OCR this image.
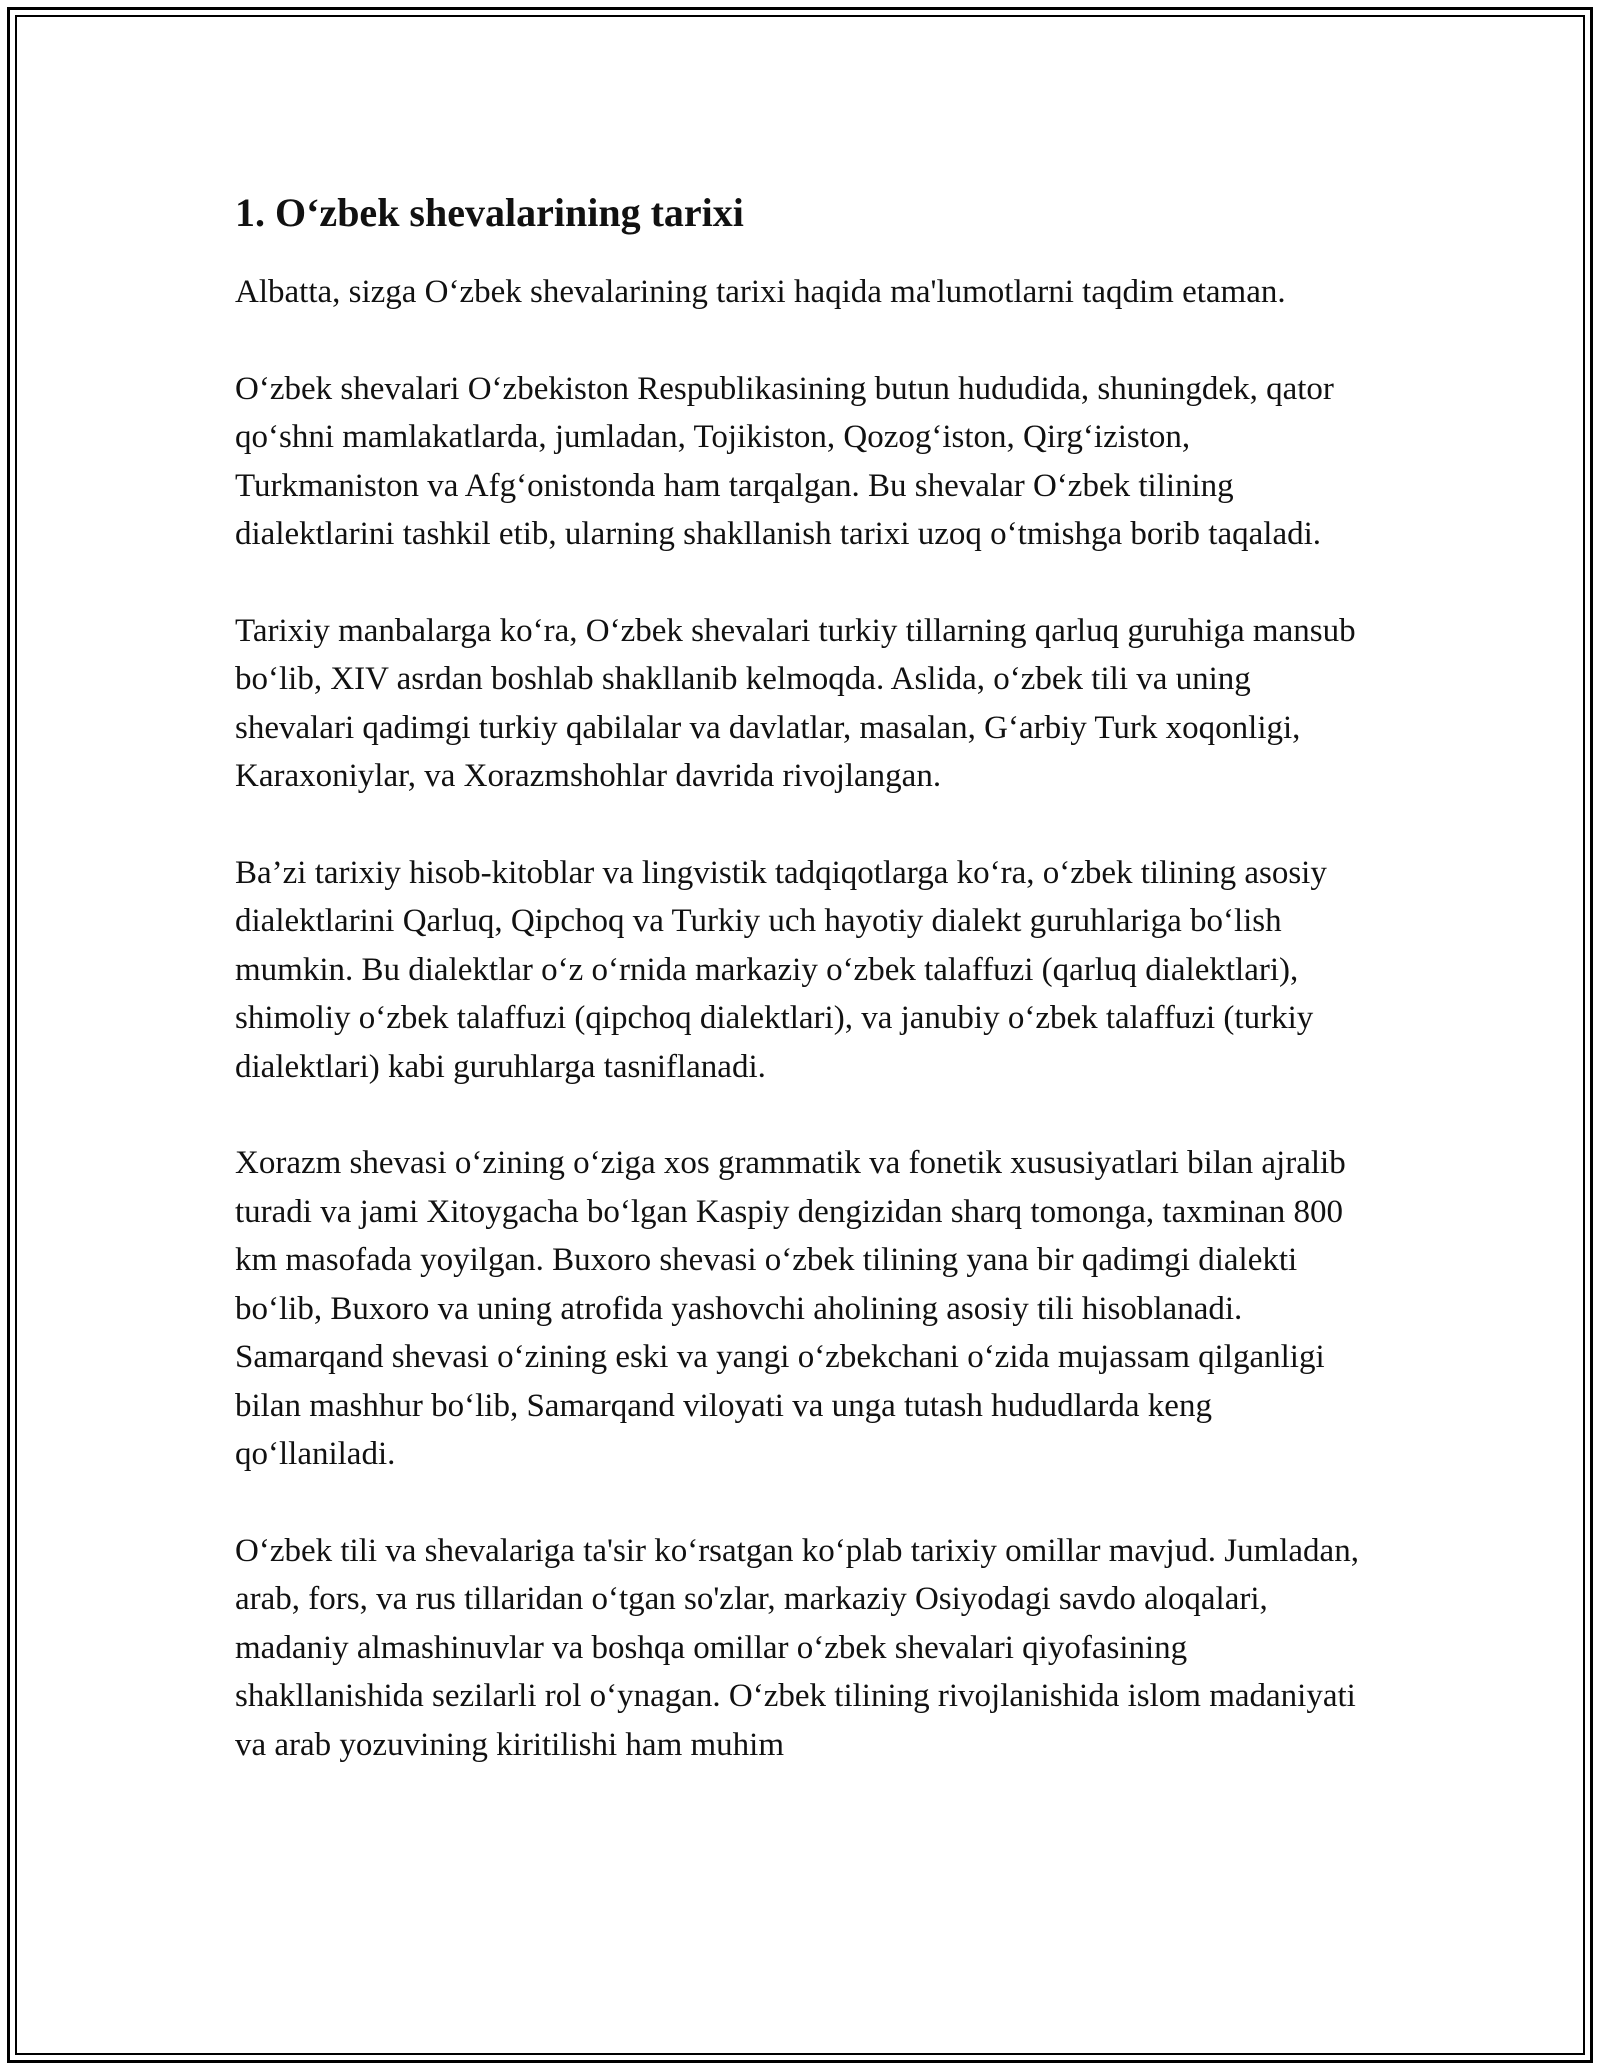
1. O‘zbek shevalarining tarixi

Albatta, sizga O‘zbek shevalarining tarixi haqida ma'lumotlarni taqdim etaman.

O‘zbek shevalari O‘zbekiston Respublikasining butun hududida, shuningdek, qator qo‘shni mamlakatlarda, jumladan, Tojikiston, Qozog‘iston, Qirg‘iziston, Turkmaniston va Afg‘onistonda ham tarqalgan. Bu shevalar O‘zbek tilining dialektlarini tashkil etib, ularning shakllanish tarixi uzoq o‘tmishga borib taqaladi.

Tarixiy manbalarga ko‘ra, O‘zbek shevalari turkiy tillarning qarluq guruhiga mansub bo‘lib, XIV asrdan boshlab shakllanib kelmoqda. Aslida, o‘zbek tili va uning shevalari qadimgi turkiy qabilalar va davlatlar, masalan, G‘arbiy Turk xoqonligi, Karaxoniylar, va Xorazmshohlar davrida rivojlangan.

Ba’zi tarixiy hisob-kitoblar va lingvistik tadqiqotlarga ko‘ra, o‘zbek tilining asosiy dialektlarini Qarluq, Qipchoq va Turkiy uch hayotiy dialekt guruhlariga bo‘lish mumkin. Bu dialektlar o‘z o‘rnida markaziy o‘zbek talaffuzi (qarluq dialektlari), shimoliy o‘zbek talaffuzi (qipchoq dialektlari), va janubiy o‘zbek talaffuzi (turkiy dialektlari) kabi guruhlarga tasniflanadi.

Xorazm shevasi o‘zining o‘ziga xos grammatik va fonetik xususiyatlari bilan ajralib turadi va jami Xitoygacha bo‘lgan Kaspiy dengizidan sharq tomonga, taxminan 800 km masofada yoyilgan. Buxoro shevasi o‘zbek tilining yana bir qadimgi dialekti bo‘lib, Buxoro va uning atrofida yashovchi aholining asosiy tili hisoblanadi. Samarqand shevasi o‘zining eski va yangi o‘zbekchani o‘zida mujassam qilganligi bilan mashhur bo‘lib, Samarqand viloyati va unga tutash hududlarda keng qo‘llaniladi.

O‘zbek tili va shevalariga ta'sir ko‘rsatgan ko‘plab tarixiy omillar mavjud. Jumladan, arab, fors, va rus tillaridan o‘tgan so'zlar, markaziy Osiyodagi savdo aloqalari, madaniy almashinuvlar va boshqa omillar o‘zbek shevalari qiyofasining shakllanishida sezilarli rol o‘ynagan. O‘zbek tilining rivojlanishida islom madaniyati va arab yozuvining kiritilishi ham muhim
